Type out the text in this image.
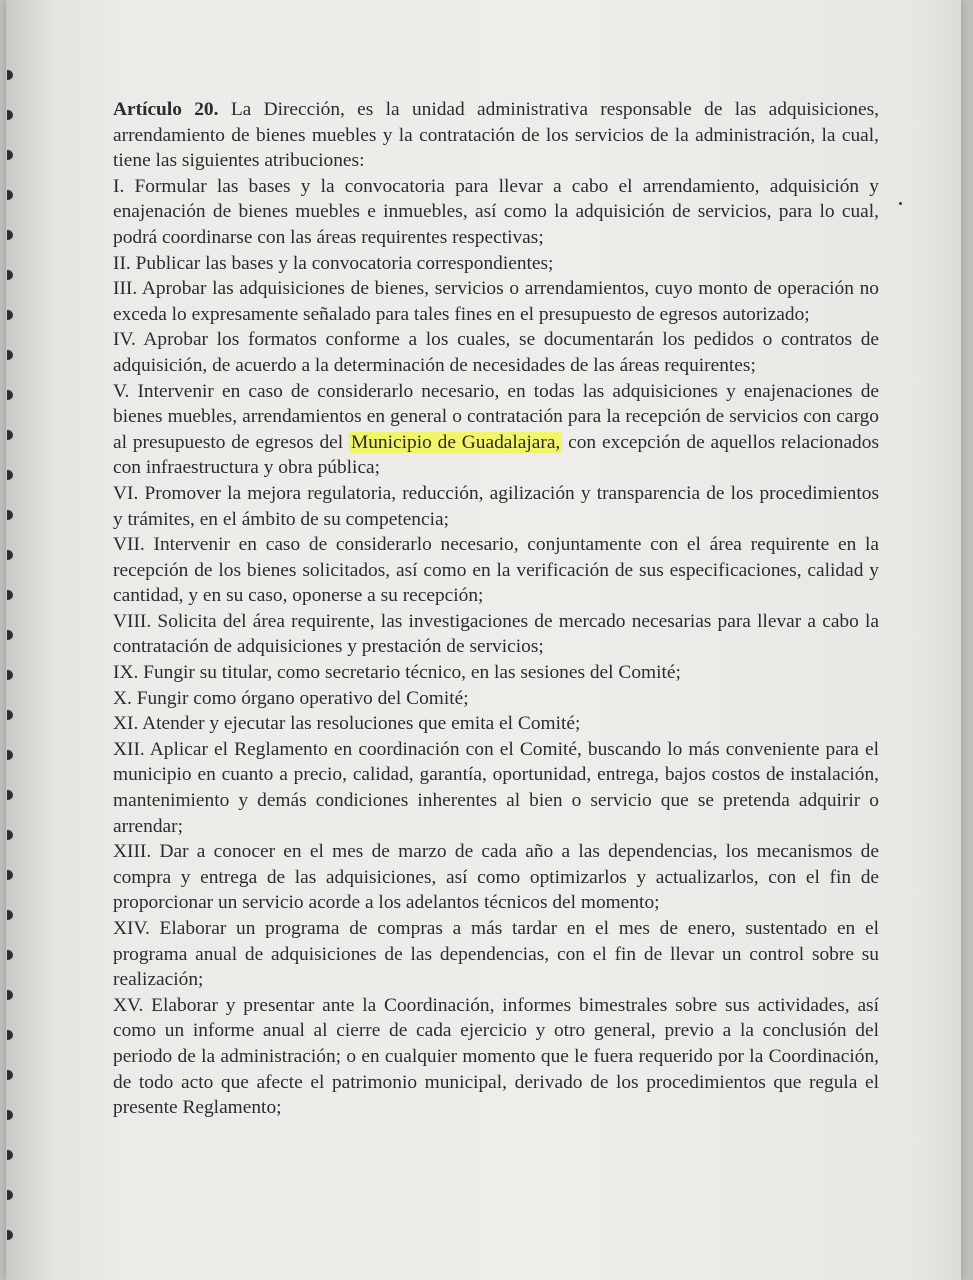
Artículo 20. La Dirección, es la unidad administrativa responsable de las adquisiciones, arrendamiento de bienes muebles y la contratación de los servicios de la administración, la cual, tiene las siguientes atribuciones:

I. Formular las bases y la convocatoria para llevar a cabo el arrendamiento, adquisición y enajenación de bienes muebles e inmuebles, así como la adquisición de servicios, para lo cual, podrá coordinarse con las áreas requirentes respectivas;

II. Publicar las bases y la convocatoria correspondientes;

III. Aprobar las adquisiciones de bienes, servicios o arrendamientos, cuyo monto de operación no exceda lo expresamente señalado para tales fines en el presupuesto de egresos autorizado;

IV. Aprobar los formatos conforme a los cuales, se documentarán los pedidos o contratos de adquisición, de acuerdo a la determinación de necesidades de las áreas requirentes;

V. Intervenir en caso de considerarlo necesario, en todas las adquisiciones y enajenaciones de bienes muebles, arrendamientos en general o contratación para la recepción de servicios con cargo al presupuesto de egresos del Municipio de Guadalajara, con excepción de aquellos relacionados con infraestructura y obra pública;

VI. Promover la mejora regulatoria, reducción, agilización y transparencia de los procedimientos y trámites, en el ámbito de su competencia;

VII. Intervenir en caso de considerarlo necesario, conjuntamente con el área requirente en la recepción de los bienes solicitados, así como en la verificación de sus especificaciones, calidad y cantidad, y en su caso, oponerse a su recepción;

VIII. Solicita del área requirente, las investigaciones de mercado necesarias para llevar a cabo la contratación de adquisiciones y prestación de servicios;

IX. Fungir su titular, como secretario técnico, en las sesiones del Comité;

X. Fungir como órgano operativo del Comité;

XI. Atender y ejecutar las resoluciones que emita el Comité;

XII. Aplicar el Reglamento en coordinación con el Comité, buscando lo más conveniente para el municipio en cuanto a precio, calidad, garantía, oportunidad, entrega, bajos costos de instalación, mantenimiento y demás condiciones inherentes al bien o servicio que se pretenda adquirir o arrendar;

XIII. Dar a conocer en el mes de marzo de cada año a las dependencias, los mecanismos de compra y entrega de las adquisiciones, así como optimizarlos y actualizarlos, con el fin de proporcionar un servicio acorde a los adelantos técnicos del momento;

XIV. Elaborar un programa de compras a más tardar en el mes de enero, sustentado en el programa anual de adquisiciones de las dependencias, con el fin de llevar un control sobre su realización;

XV. Elaborar y presentar ante la Coordinación, informes bimestrales sobre sus actividades, así como un informe anual al cierre de cada ejercicio y otro general, previo a la conclusión del periodo de la administración; o en cualquier momento que le fuera requerido por la Coordinación, de todo acto que afecte el patrimonio municipal, derivado de los procedimientos que regula el presente Reglamento;
